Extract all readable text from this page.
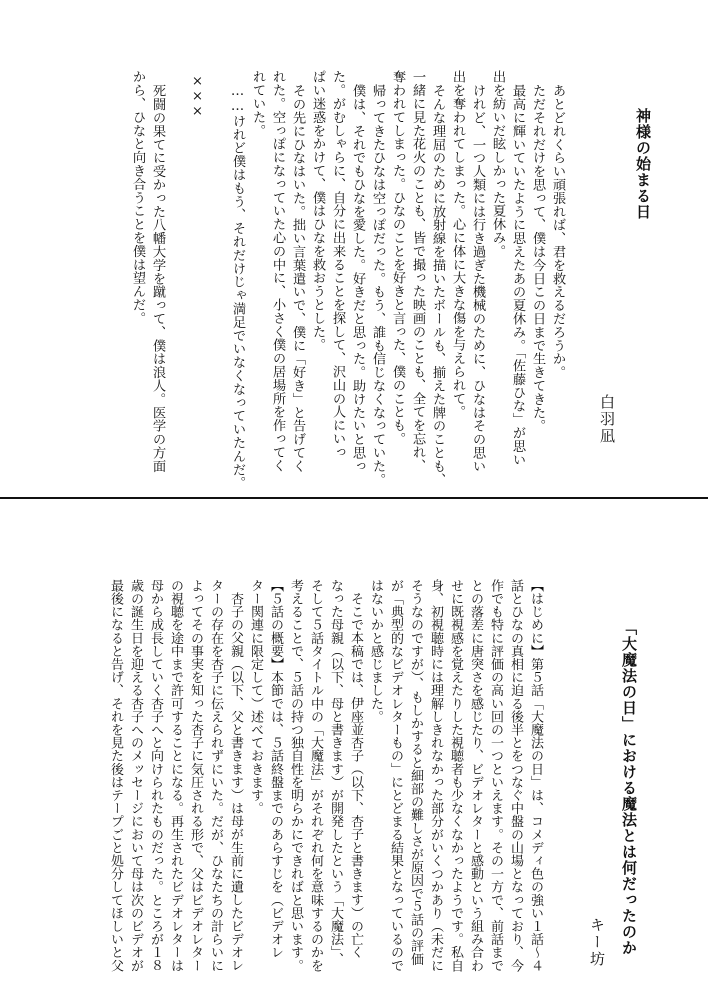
神様の始まる日
白羽凪
あとどれくらい頑張れば、君を救えるだろうか。
ただそれだけを思って、僕は今日この日まで生きてきた。
最高に輝いていたように思えたあの夏休み。「佐藤ひな」が思い
出を紡いだ眩しかった夏休み。
けれど、一つ人類には行き過ぎた機械のために、ひなはその思い
出を奪われてしまった。心に体に大きな傷を与えられて。
そんな理屈のために放射線を描いたボールも、揃えた牌のことも、
一緒に見た花火のことも、皆で撮った映画のことも、全てを忘れ、
奪われてしまった。ひなのことを好きと言った、僕のことも。
帰ってきたひなは空っぽだった。もう、誰も信じなくなっていた。
僕は、それでもひなを愛した。好きだと思った。助けたいと思っ
た。がむしゃらに、自分に出来ることを探して、沢山の人にいっ
ぱい迷惑をかけて、僕はひなを救おうとした。
その先にひなはいた。拙い言葉遣いで、僕に「好き」と告げてく
れた。空っぽになっていた心の中に、小さく僕の居場所を作ってく
れていた。
……けれど僕はもう、それだけじゃ満足でいなくなっていたんだ。
×××
死闘の果てに受かった八幡大学を蹴って、僕は浪人。医学の方面
から、ひなと向き合うことを僕は望んだ。
「大魔法の日」における魔法とは何だったのか
キー坊
【はじめに】第５話「大魔法の日」は、コメディ色の強い１話～４
話とひなの真相に迫る後半とをつなぐ中盤の山場となっており、今
作でも特に評価の高い回の一つといえます。その一方で、前話まで
との落差に唐突さを感じたり、ビデオレターと感動という組み合わ
せに既視感を覚えたりした視聴者も少なくなかったようです。私自
身、初視聴時には理解しきれなかった部分がいくつかあり（未だに
そうなのですが）、もしかすると細部の難しさが原因で５話の評価
が「典型的なビデオレターもの」にとどまる結果となっているので
はないかと感じました。
そこで本稿では、伊座並杏子（以下、杏子と書きます）の亡く
なった母親（以下、母と書きます）が開発したという「大魔法」、
そして５話タイトル中の「大魔法」がそれぞれ何を意味するのかを
考えることで、５話の持つ独自性を明らかにできればと思います。
【５話の概要】本節では、５話終盤までのあらすじを（ビデオレ
ター関連に限定して）述べておきます。
杏子の父親（以下、父と書きます）は母が生前に遺したビデオレ
ターの存在を杏子に伝えられずにいた。だが、ひなたちの計らいに
よってその事実を知った杏子に気圧される形で、父はビデオレター
の視聴を途中まで許可することになる。再生されたビデオレターは
母から成長していく杏子へと向けられたものだった。ところが１８
歳の誕生日を迎える杏子へのメッセージにおいて母は次のビデオが
最後になると告げ、それを見た後はテープごと処分してほしいと父
